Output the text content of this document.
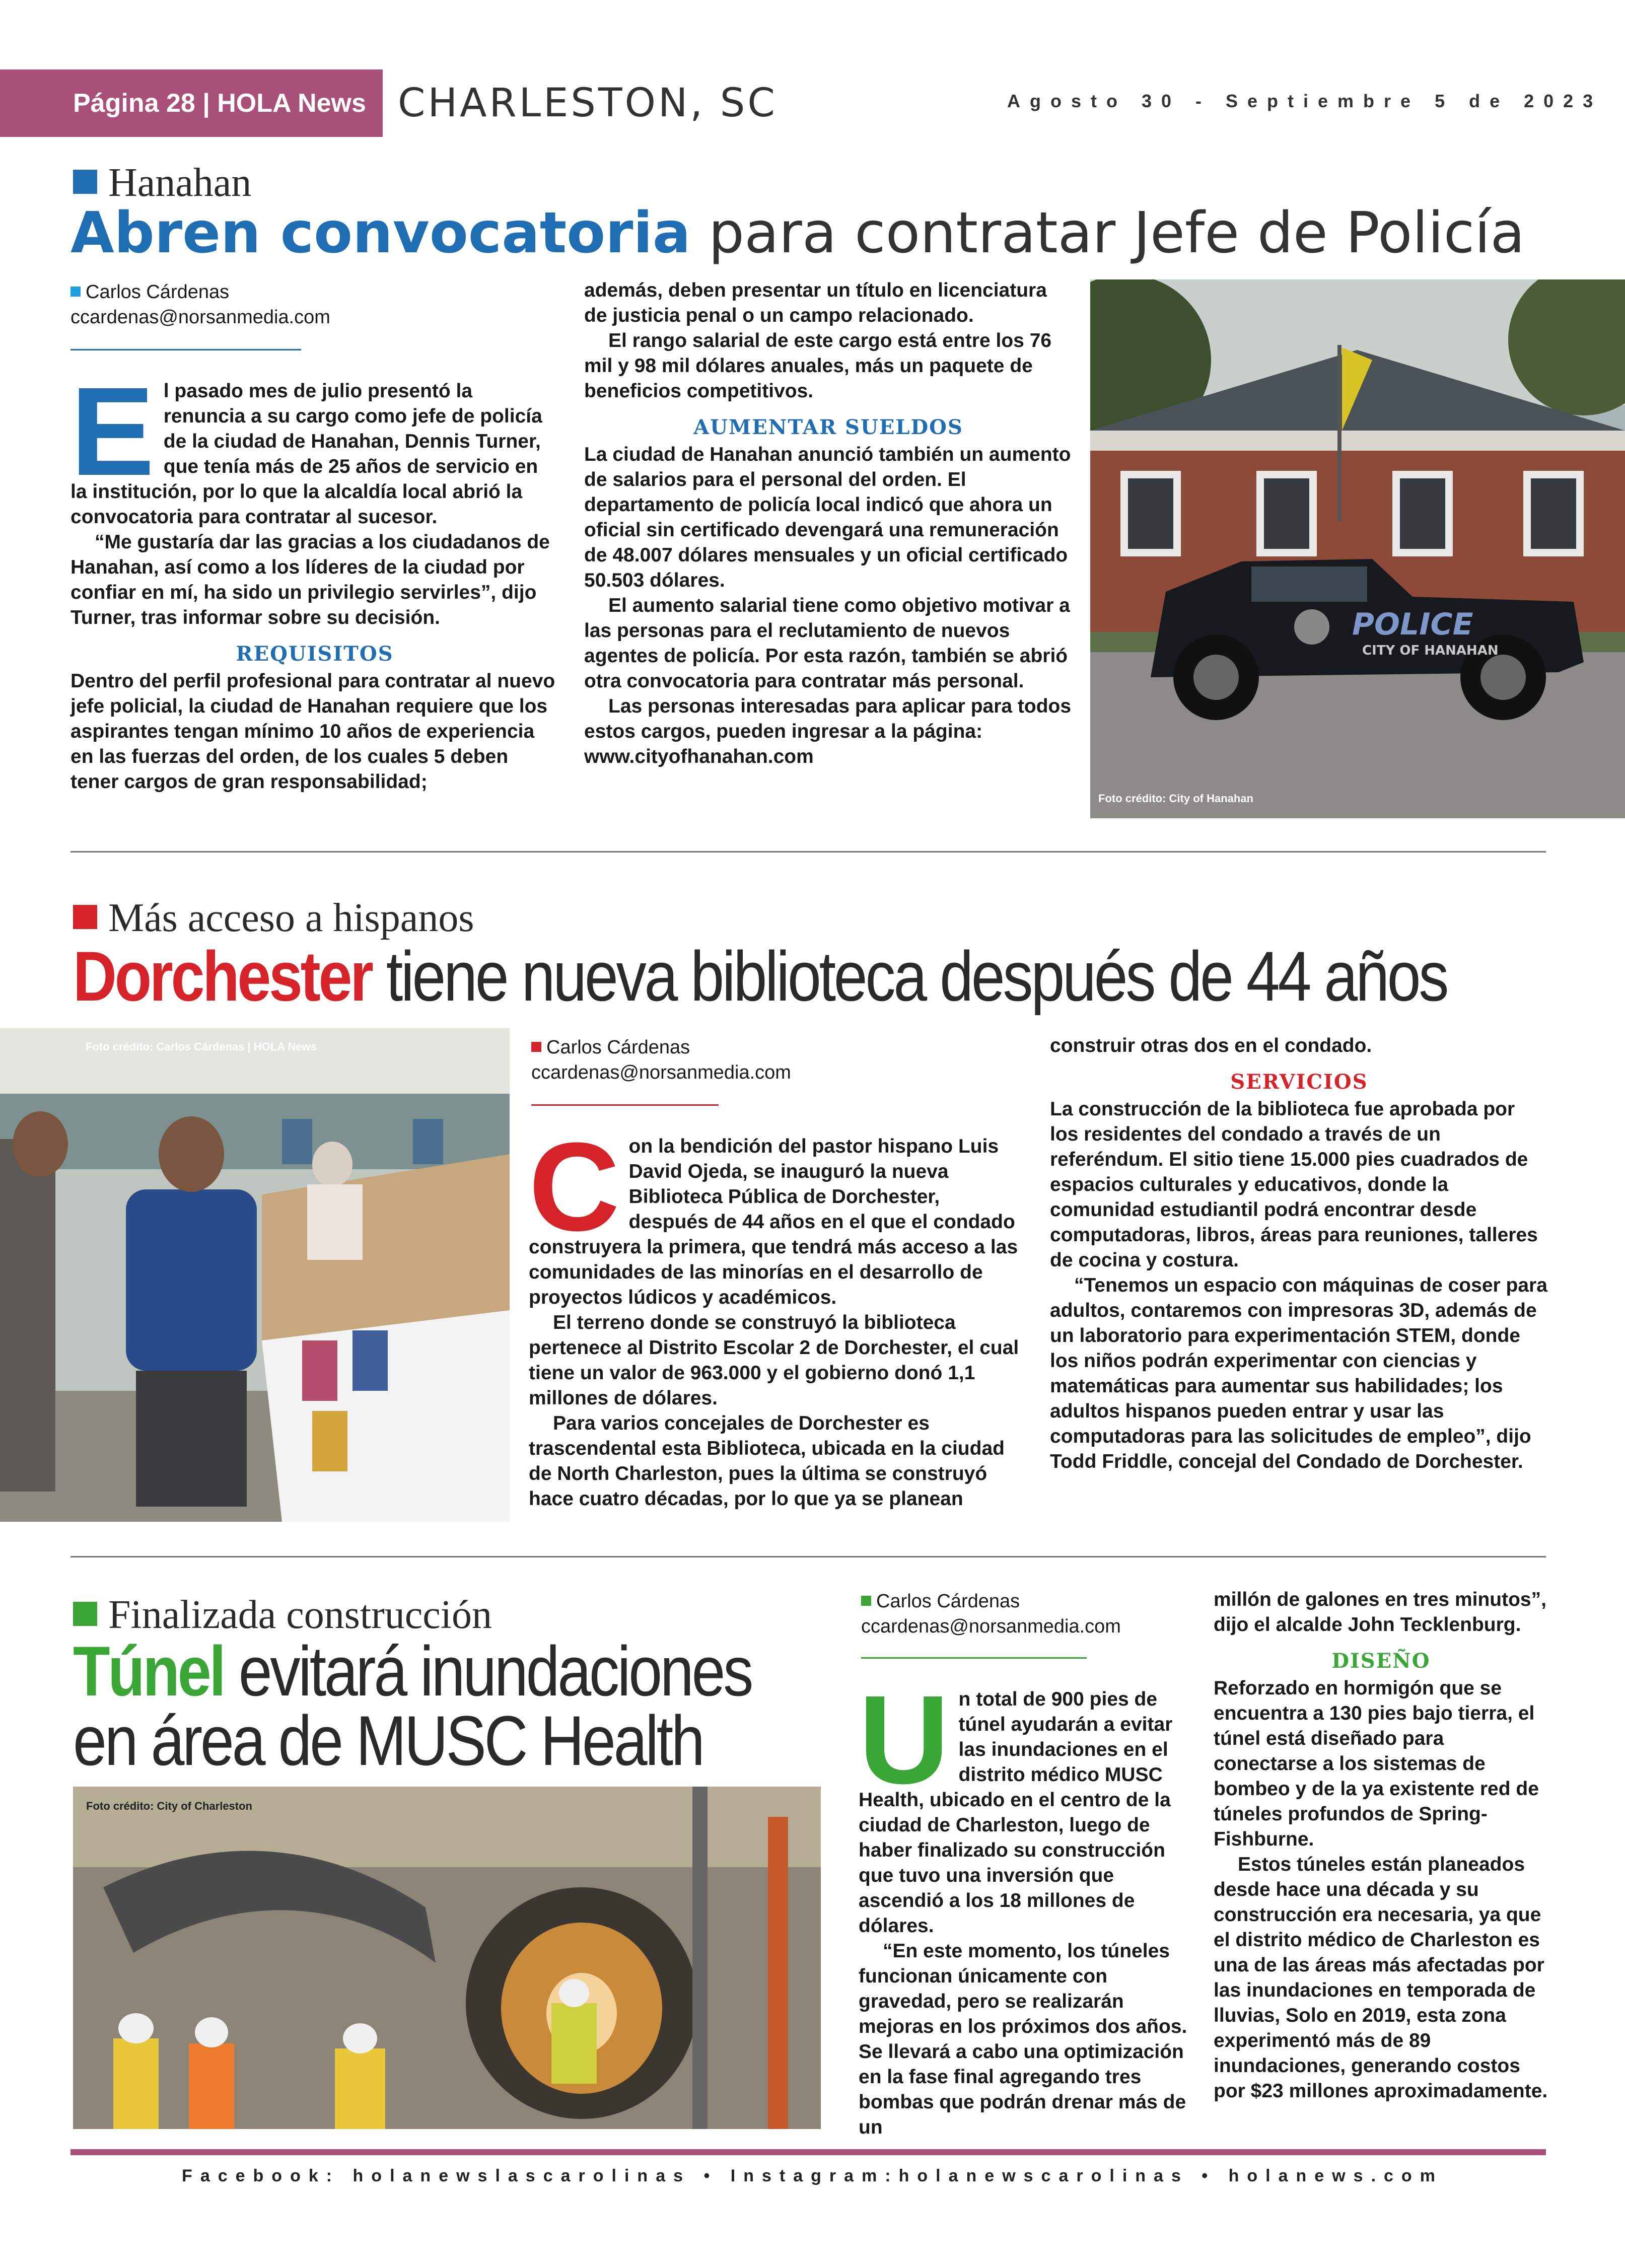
Página 28 | HOLA News CHARLESTON, SC	Agosto 30 - Septiembre 5 de 2023
Hanahan
Abren convocatoria para contratar Jefe de Policía
Carlos Cárdenas
ccardenas@norsanmedia.com
E l pasado mes de julio presentó la renuncia a su cargo como jefe de policía de la ciudad de Hanahan, Dennis Turner, que tenía más de 25 años de servicio en la institución, por lo que la alcaldía local abrió la convocatoria para contratar al sucesor.

“Me gustaría dar las gracias a los ciudadanos de Hanahan, así como a los líderes de la ciudad por confiar en mí, ha sido un privilegio servirles”, dijo Turner, tras informar sobre su decisión.

REQUISITOS

Dentro del perfil profesional para contratar al nuevo jefe policial, la ciudad de Hanahan requiere que los aspirantes tengan mínimo 10 años de experiencia en las fuerzas del orden, de los cuales 5 deben tener cargos de gran responsabilidad;

además, deben presentar un título en licenciatura de justicia penal o un campo relacionado.

El rango salarial de este cargo está entre los 76 mil y 98 mil dólares anuales, más un paquete de beneficios competitivos.

AUMENTAR SUELDOS

La ciudad de Hanahan anunció también un aumento de salarios para el personal del orden. El departamento de policía local indicó que ahora un oficial sin certificado devengará una remuneración de 48.007 dólares mensuales y un oficial certificado 50.503 dólares.

El aumento salarial tiene como objetivo motivar a las personas para el reclutamiento de nuevos agentes de policía. Por esta razón, también se abrió otra convocatoria para contratar más personal.

Las personas interesadas para aplicar para todos estos cargos, pueden ingresar a la página: www.cityofhanahan.com

POLICE
CITY OF HANAHAN
Foto crédito: City of Hanahan
Más acceso a hispanos
Dorchester tiene nueva biblioteca después de 44 años
Foto crédito: Carlos Cárdenas | HOLA News	Carlos Cárdenas
ccardenas@norsanmedia.com
C on la bendición del pastor hispano Luis David Ojeda, se inauguró la nueva Biblioteca Pública de Dorchester, después de 44 años en el que el condado construyera la primera, que tendrá más acceso a las comunidades de las minorías en el desarrollo de proyectos lúdicos y académicos.

El terreno donde se construyó la biblioteca pertenece al Distrito Escolar 2 de Dorchester, el cual tiene un valor de 963.000 y el gobierno donó 1,1 millones de dólares.

Para varios concejales de Dorchester es trascendental esta Biblioteca, ubicada en la ciudad de North Charleston, pues la última se construyó hace cuatro décadas, por lo que ya se planean

construir otras dos en el condado.

SERVICIOS

La construcción de la biblioteca fue aprobada por los residentes del condado a través de un referéndum. El sitio tiene 15.000 pies cuadrados de espacios culturales y educativos, donde la comunidad estudiantil podrá encontrar desde computadoras, libros, áreas para reuniones, talleres de cocina y costura.

“Tenemos un espacio con máquinas de coser para adultos, contaremos con impresoras 3D, además de un laboratorio para experimentación STEM, donde los niños podrán experimentar con ciencias y matemáticas para aumentar sus habilidades; los adultos hispanos pueden entrar y usar las computadoras para las solicitudes de empleo”, dijo Todd Friddle, concejal del Condado de Dorchester.

Finalizada construcción
Túnel evitará inundaciones
en área de MUSC Health
Foto crédito: City of Charleston
Carlos Cárdenas
ccardenas@norsanmedia.com
U n total de 900 pies de túnel ayudarán a evitar las inundaciones en el distrito médico MUSC Health, ubicado en el centro de la ciudad de Charleston, luego de haber finalizado su construcción que tuvo una inversión que ascendió a los 18 millones de dólares.

“En este momento, los túneles funcionan únicamente con gravedad, pero se realizarán mejoras en los próximos dos años. Se llevará a cabo una optimización en la fase final agregando tres bombas que podrán drenar más de un

millón de galones en tres minutos”, dijo el alcalde John Tecklenburg.

DISEÑO

Reforzado en hormigón que se encuentra a 130 pies bajo tierra, el túnel está diseñado para conectarse a los sistemas de bombeo y de la ya existente red de túneles profundos de Spring-Fishburne.

Estos túneles están planeados desde hace una década y su construcción era necesaria, ya que el distrito médico de Charleston es una de las áreas más afectadas por las inundaciones en temporada de lluvias, Solo en 2019, esta zona experimentó más de 89 inundaciones, generando costos por $23 millones aproximadamente.

Facebook: holanewslascarolinas • Instagram:holanewscarolinas • holanews.com
